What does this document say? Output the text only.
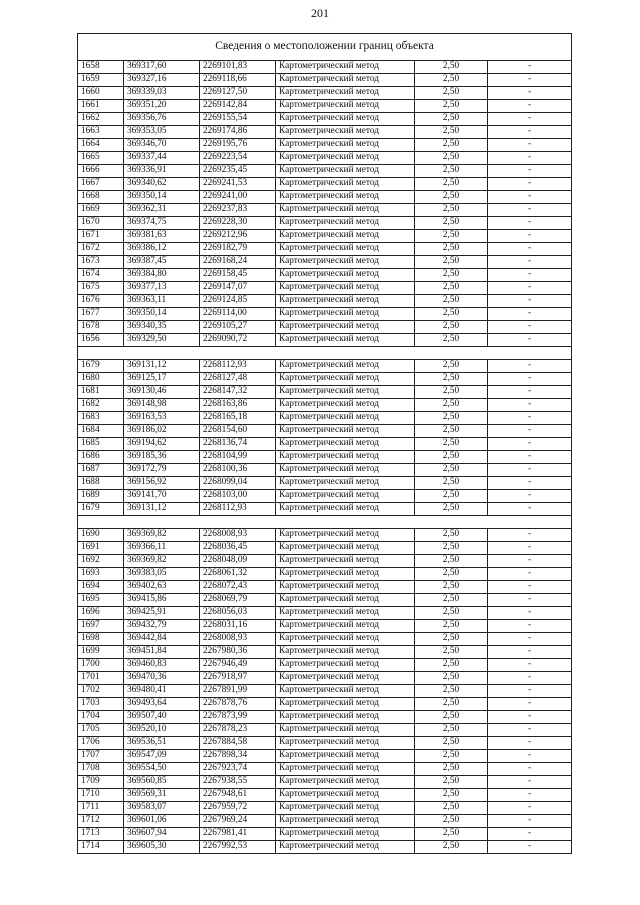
201
Сведения о местоположении границ объекта					
1658	369317,60	2269101,83	Картометрический метод	2,50	-
1659	369327,16	2269118,66	Картометрический метод	2,50	-
1660	369339,03	2269127,50	Картометрический метод	2,50	-
1661	369351,20	2269142,84	Картометрический метод	2,50	-
1662	369356,76	2269155,54	Картометрический метод	2,50	-
1663	369353,05	2269174,86	Картометрический метод	2,50	-
1664	369346,70	2269195,76	Картометрический метод	2,50	-
1665	369337,44	2269223,54	Картометрический метод	2,50	-
1666	369336,91	2269235,45	Картометрический метод	2,50	-
1667	369340,62	2269241,53	Картометрический метод	2,50	-
1668	369350,14	2269241,00	Картометрический метод	2,50	-
1669	369362,31	2269237,83	Картометрический метод	2,50	-
1670	369374,75	2269228,30	Картометрический метод	2,50	-
1671	369381,63	2269212,96	Картометрический метод	2,50	-
1672	369386,12	2269182,79	Картометрический метод	2,50	-
1673	369387,45	2269168,24	Картометрический метод	2,50	-
1674	369384,80	2269158,45	Картометрический метод	2,50	-
1675	369377,13	2269147,07	Картометрический метод	2,50	-
1676	369363,11	2269124,85	Картометрический метод	2,50	-
1677	369350,14	2269114,00	Картометрический метод	2,50	-
1678	369340,35	2269105,27	Картометрический метод	2,50	-
1656	369329,50	2269090,72	Картометрический метод	2,50	-

1679	369131,12	2268112,93	Картометрический метод	2,50	-
1680	369125,17	2268127,48	Картометрический метод	2,50	-
1681	369130,46	2268147,32	Картометрический метод	2,50	-
1682	369148,98	2268163,86	Картометрический метод	2,50	-
1683	369163,53	2268165,18	Картометрический метод	2,50	-
1684	369186,02	2268154,60	Картометрический метод	2,50	-
1685	369194,62	2268136,74	Картометрический метод	2,50	-
1686	369185,36	2268104,99	Картометрический метод	2,50	-
1687	369172,79	2268100,36	Картометрический метод	2,50	-
1688	369156,92	2268099,04	Картометрический метод	2,50	-
1689	369141,70	2268103,00	Картометрический метод	2,50	-
1679	369131,12	2268112,93	Картометрический метод	2,50	-

1690	369369,82	2268008,93	Картометрический метод	2,50	-
1691	369366,11	2268036,45	Картометрический метод	2,50	-
1692	369369,82	2268048,09	Картометрический метод	2,50	-
1693	369383,05	2268061,32	Картометрический метод	2,50	-
1694	369402,63	2268072,43	Картометрический метод	2,50	-
1695	369415,86	2268069,79	Картометрический метод	2,50	-
1696	369425,91	2268056,03	Картометрический метод	2,50	-
1697	369432,79	2268031,16	Картометрический метод	2,50	-
1698	369442,84	2268008,93	Картометрический метод	2,50	-
1699	369451,84	2267980,36	Картометрический метод	2,50	-
1700	369460,83	2267946,49	Картометрический метод	2,50	-
1701	369470,36	2267918,97	Картометрический метод	2,50	-
1702	369480,41	2267891,99	Картометрический метод	2,50	-
1703	369493,64	2267878,76	Картометрический метод	2,50	-
1704	369507,40	2267873,99	Картометрический метод	2,50	-
1705	369520,10	2267878,23	Картометрический метод	2,50	-
1706	369536,51	2267884,58	Картометрический метод	2,50	-
1707	369547,09	2267898,34	Картометрический метод	2,50	-
1708	369554,50	2267923,74	Картометрический метод	2,50	-
1709	369560,85	2267938,55	Картометрический метод	2,50	-
1710	369569,31	2267948,61	Картометрический метод	2,50	-
1711	369583,07	2267959,72	Картометрический метод	2,50	-
1712	369601,06	2267969,24	Картометрический метод	2,50	-
1713	369607,94	2267981,41	Картометрический метод	2,50	-
1714	369605,30	2267992,53	Картометрический метод	2,50	-
